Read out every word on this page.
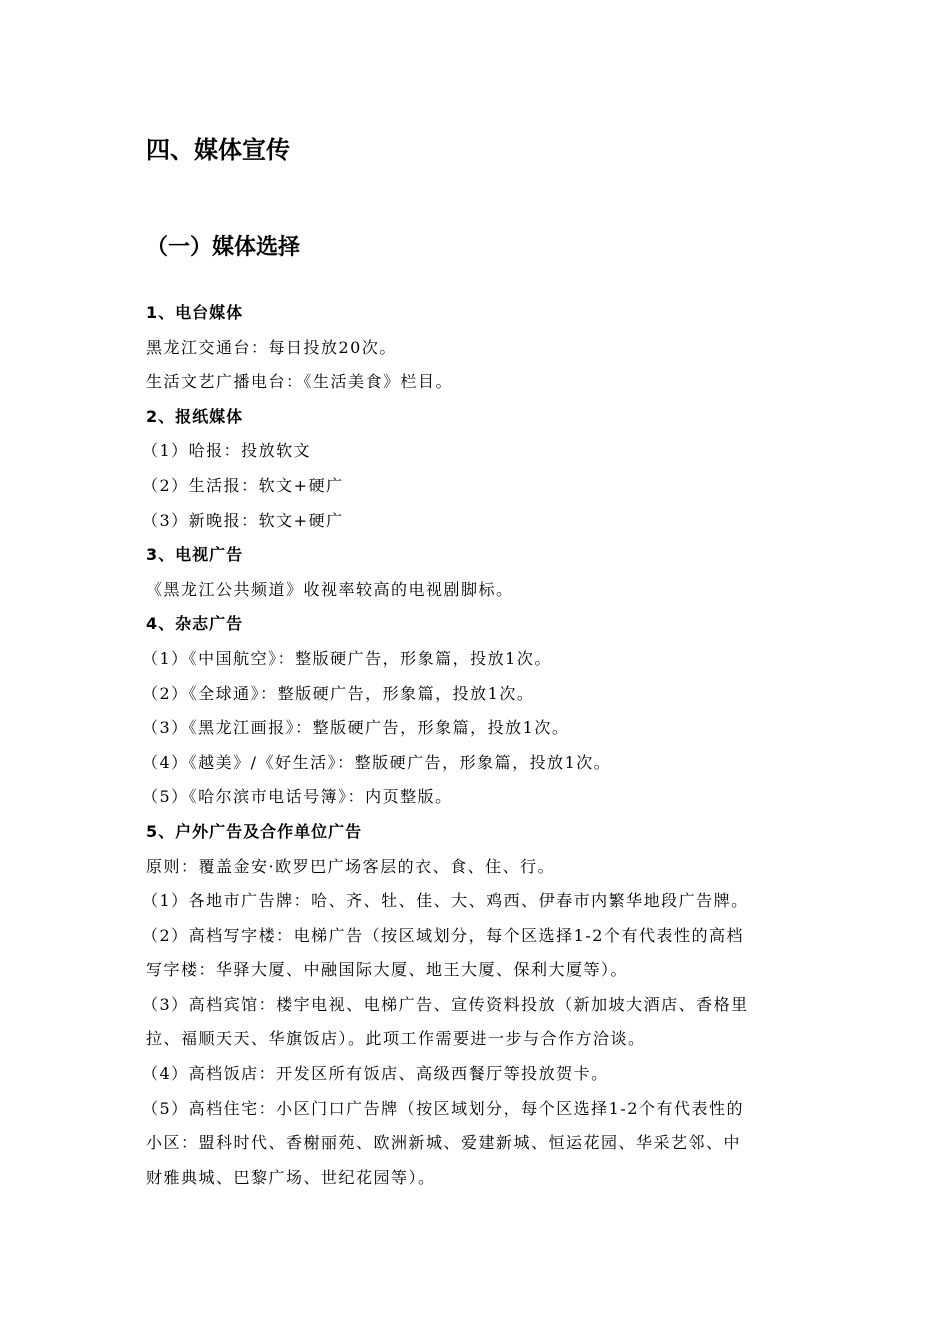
四、媒体宣传
（一）媒体选择
1、电台媒体
黑龙江交通台：每日投放20次。
生活文艺广播电台：《生活美食》栏目。
2、报纸媒体
（1）哈报：投放软文
（2）生活报：软文+硬广
（3）新晚报：软文+硬广
3、电视广告
《黑龙江公共频道》收视率较高的电视剧脚标。
4、杂志广告
（1）《中国航空》：整版硬广告，形象篇，投放1次。
（2）《全球通》：整版硬广告，形象篇，投放1次。
（3）《黑龙江画报》：整版硬广告，形象篇，投放1次。
（4）《越美》/《好生活》：整版硬广告，形象篇，投放1次。
（5）《哈尔滨市电话号簿》：内页整版。
5、户外广告及合作单位广告
原则：覆盖金安·欧罗巴广场客层的衣、食、住、行。
（1）各地市广告牌：哈、齐、牡、佳、大、鸡西、伊春市内繁华地段广告牌。
（2）高档写字楼：电梯广告（按区域划分，每个区选择1-2个有代表性的高档
写字楼：华驿大厦、中融国际大厦、地王大厦、保利大厦等）。
（3）高档宾馆：楼宇电视、电梯广告、宣传资料投放（新加坡大酒店、香格里
拉、福顺天天、华旗饭店）。此项工作需要进一步与合作方洽谈。
（4）高档饭店：开发区所有饭店、高级西餐厅等投放贺卡。
（5）高档住宅：小区门口广告牌（按区域划分，每个区选择1-2个有代表性的
小区：盟科时代、香榭丽苑、欧洲新城、爱建新城、恒运花园、华采艺邻、中
财雅典城、巴黎广场、世纪花园等）。
